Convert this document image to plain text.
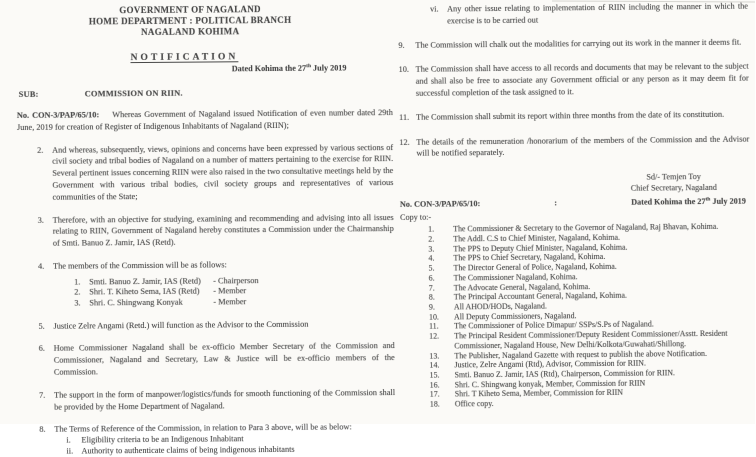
GOVERNMENT OF NAGALAND
HOME DEPARTMENT : POLITICAL BRANCH
NAGALAND KOHIMA
NOTIFICATION
Dated Kohima the 27th July 2019
SUB:	COMMISSION ON RIIN.
No. CON-3/PAP/65/10: Whereas Government of Nagaland issued Notification of even number dated 29th June, 2019 for creation of Register of Indigenous Inhabitants of Nagaland (RIIN);
2.	And whereas, subsequently, views, opinions and concerns have been expressed by various sections of civil society and tribal bodies of Nagaland on a number of matters pertaining to the exercise for RIIN. Several pertinent issues concerning RIIN were also raised in the two consultative meetings held by the Government with various tribal bodies, civil society groups and representatives of various communities of the State;
3.	Therefore, with an objective for studying, examining and recommending and advising into all issues relating to RIIN, Government of Nagaland hereby constitutes a Commission under the Chairmanship of Smti. Banuo Z. Jamir, IAS (Retd).
4.	The members of the Commission will be as follows:
1.	Smti. Banuo Z. Jamir, IAS (Retd)	- Chairperson
2.	Shri. T. Kiheto Sema, IAS (Retd)	- Member
3.	Shri. C. Shingwang Konyak	- Member
5.	Justice Zelre Angami (Retd.) will function as the Advisor to the Commission
6.	Home Commissioner Nagaland shall be ex-officio Member Secretary of the Commission and Commissioner, Nagaland and Secretary, Law & Justice will be ex-officio members of the Commission.
7.	The support in the form of manpower/logistics/funds for smooth functioning of the Commission shall be provided by the Home Department of Nagaland.
8.	The Terms of Reference of the Commission, in relation to Para 3 above, will be as below:
i.	Eligibility criteria to be an Indigenous Inhabitant
ii. Authority to authenticate claims of being indigenous inhabitants
vi.	Any other issue relating to implementation of RIIN including the manner in which the exercise is to be carried out
9.	The Commission will chalk out the modalities for carrying out its work in the manner it deems fit.
10. The Commission shall have access to all records and documents that may be relevant to the subject and shall also be free to associate any Government official or any person as it may deem fit for successful completion of the task assigned to it.
11. The Commission shall submit its report within three months from the date of its constitution.
12. The details of the remuneration /honorarium of the members of the Commission and the Advisor will be notified separately.
Sd/- Temjen Toy
Chief Secretary, Nagaland
No. CON-3/PAP/65/10:	:	Dated Kohima the 27th July 2019
Copy to:-
1.	The Commissioner & Secretary to the Governor of Nagaland, Raj Bhavan, Kohima.
2.	The Addl. C.S to Chief Minister, Nagaland, Kohima.
3.	The PPS to Deputy Chief Minister, Nagaland, Kohima.
4.	The PPS to Chief Secretary, Nagaland, Kohima.
5.	The Director General of Police, Nagaland, Kohima.
6.	The Commissioner Nagaland, Kohima.
7.	The Advocate General, Nagaland, Kohima.
8.	The Principal Accountant General, Nagaland, Kohima.
9.	All AHOD/HODs, Nagaland.
10.	All Deputy Commissioners, Nagaland.
11.	The Commissioner of Police Dimapur/ SSPs/S.Ps of Nagaland.
12.	The Principal Resident Commissioner/Deputy Resident Commissioner/Asstt. Resident Commissioner, Nagaland House, New Delhi/Kolkota/Guwahati/Shillong.
13.	The Publisher, Nagaland Gazette with request to publish the above Notification.
14.	Justice, Zelre Angami (Rtd), Advisor, Commission for RIIN.
15.	Smti. Banuo Z. Jamir, IAS (Rtd), Chairperson, Commission for RIIN.
16.	Shri. C. Shingwang konyak, Member, Commission for RIIN
17.	Shri. T Kiheto Sema, Member, Commission for RIIN
18.	Office copy.
